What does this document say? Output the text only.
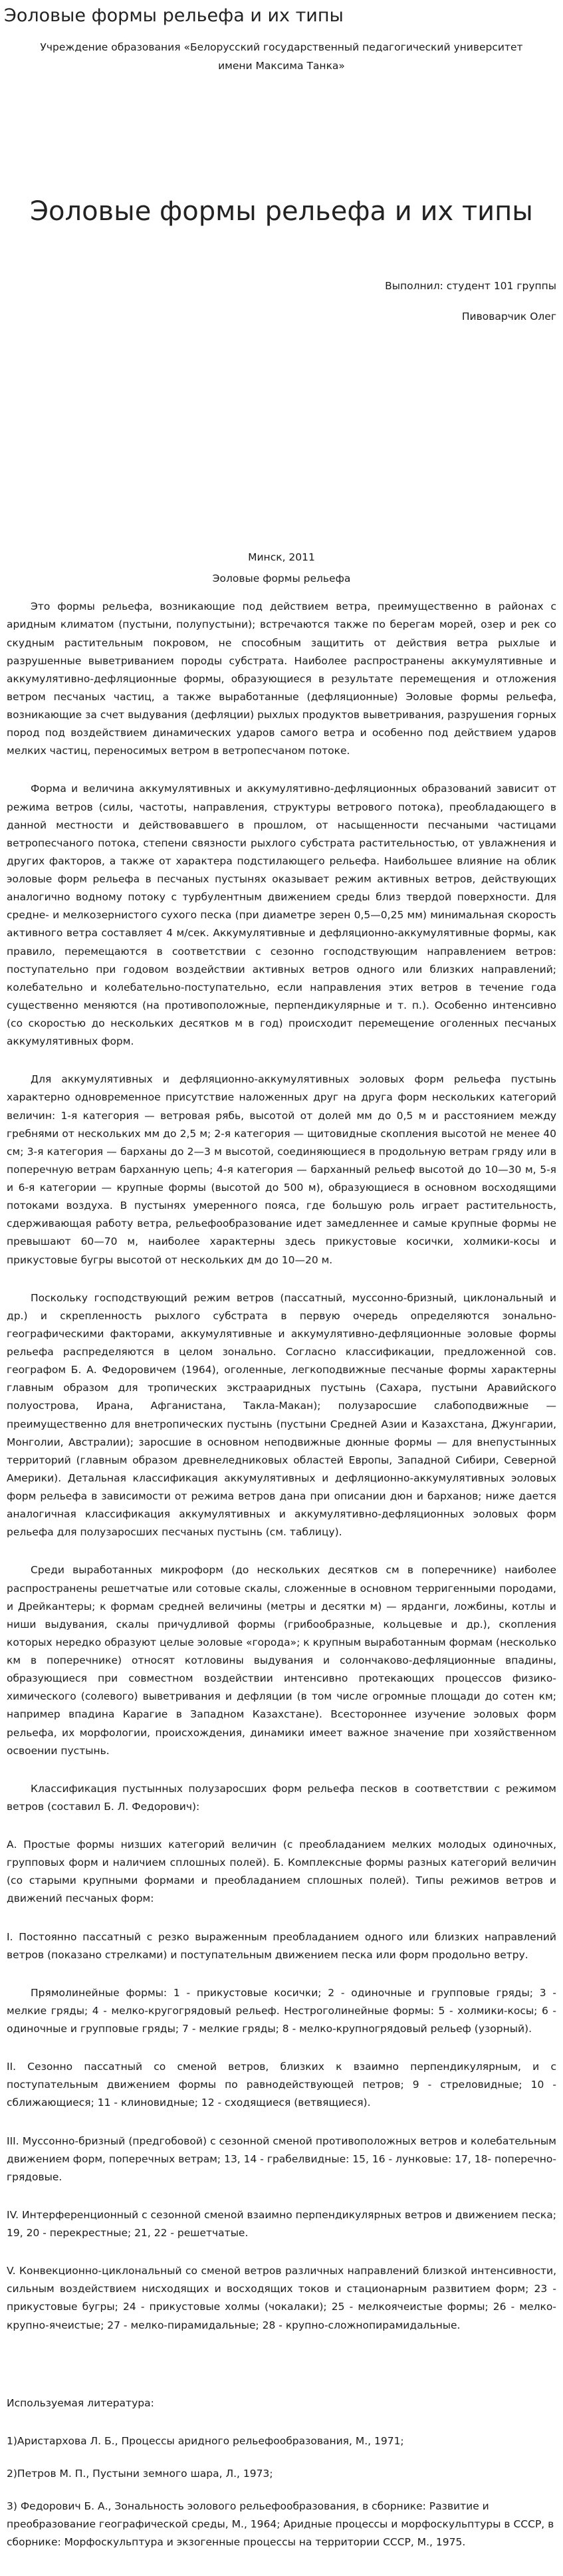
Эоловые формы рельефа и их типы
Учреждение образования «Белорусский государственный педагогический университет имени Максима Танка»
Эоловые формы рельефа и их типы
Выполнил: студент 101 группы
Пивоварчик Олег
Минск, 2011
Эоловые формы рельефа

Это формы рельефа, возникающие под действием ветра, преимущественно в районах с аридным климатом (пустыни, полупустыни); встречаются также по берегам морей, озер и рек со скудным растительным покровом, не способным защитить от действия ветра рыхлые и разрушенные выветриванием породы субстрата. Наиболее распространены аккумулятивные и аккумулятивно-дефляционные формы, образующиеся в результате перемещения и отложения ветром песчаных частиц, а также выработанные (дефляционные) Эоловые формы рельефа, возникающие за счет выдувания (дефляции) рыхлых продуктов выветривания, разрушения горных пород под воздействием динамических ударов самого ветра и особенно под действием ударов мелких частиц, переносимых ветром в ветропесчаном потоке.

Форма и величина аккумулятивных и аккумулятивно-дефляционных образований зависит от режима ветров (силы, частоты, направления, структуры ветрового потока), преобладающего в данной местности и действовавшего в прошлом, от насыщенности песчаными частицами ветропесчаного потока, степени связности рыхлого субстрата растительностью, от увлажнения и других факторов, а также от характера подстилающего рельефа. Наибольшее влияние на облик эоловые форм рельефа в песчаных пустынях оказывает режим активных ветров, действующих аналогично водному потоку с турбулентным движением среды близ твердой поверхности. Для средне- и мелкозернистого сухого песка (при диаметре зерен 0,5—0,25 мм) минимальная скорость активного ветра составляет 4 м/сек. Аккумулятивные и дефляционно-аккумулятивные формы, как правило, перемещаются в соответствии с сезонно господствующим направлением ветров: поступательно при годовом воздействии активных ветров одного или близких направлений; колебательно и колебательно-поступательно, если направления этих ветров в течение года существенно меняются (на противоположные, перпендикулярные и т. п.). Особенно интенсивно (со скоростью до нескольких десятков м в год) происходит перемещение оголенных песчаных аккумулятивных форм.

Для аккумулятивных и дефляционно-аккумулятивных эоловых форм рельефа пустынь характерно одновременное присутствие наложенных друг на друга форм нескольких категорий величин: 1-я категория — ветровая рябь, высотой от долей мм до 0,5 м и расстоянием между гребнями от нескольких мм до 2,5 м; 2-я категория — щитовидные скопления высотой не менее 40 см; 3-я категория — барханы до 2—3 м высотой, соединяющиеся в продольную ветрам гряду или в поперечную ветрам барханную цепь; 4-я категория — барханный рельеф высотой до 10—30 м, 5-я и 6-я категории — крупные формы (высотой до 500 м), образующиеся в основном восходящими потоками воздуха. В пустынях умеренного пояса, где большую роль играет растительность, сдерживающая работу ветра, рельефообразование идет замедленнее и самые крупные формы не превышают 60—70 м, наиболее характерны здесь прикустовые косички, холмики-косы и прикустовые бугры высотой от нескольких дм до 10—20 м.

Поскольку господствующий режим ветров (пассатный, муссонно-бризный, циклональный и др.) и скрепленность рыхлого субстрата в первую очередь определяются зонально-географическими факторами, аккумулятивные и аккумулятивно-дефляционные эоловые формы рельефа распределяются в целом зонально. Согласно классификации, предложенной сов. географом Б. А. Федоровичем (1964), оголенные, легкоподвижные песчаные формы характерны главным образом для тропических экстрааридных пустынь (Сахара, пустыни Аравийского полуострова, Ирана, Афганистана, Такла-Макан); полузаросшие слабоподвижные — преимущественно для внетропических пустынь (пустыни Средней Азии и Казахстана, Джунгарии, Монголии, Австралии); заросшие в основном неподвижные дюнные формы — для внепустынных территорий (главным образом древнеледниковых областей Европы, Западной Сибири, Северной Америки). Детальная классификация аккумулятивных и дефляционно-аккумулятивных эоловых форм рельефа в зависимости от режима ветров дана при описании дюн и барханов; ниже дается аналогичная классификация аккумулятивных и аккумулятивно-дефляционных эоловых форм рельефа для полузаросших песчаных пустынь (см. таблицу).

Среди выработанных микроформ (до нескольких десятков см в поперечнике) наиболее распространены решетчатые или сотовые скалы, сложенные в основном терригенными породами, и Дрейкантеры; к формам средней величины (метры и десятки м) — ярданги, ложбины, котлы и ниши выдувания, скалы причудливой формы (грибообразные, кольцевые и др.), скопления которых нередко образуют целые эоловые «города»; к крупным выработанным формам (несколько км в поперечнике) относят котловины выдувания и солончаково-дефляционные впадины, образующиеся при совместном воздействии интенсивно протекающих процессов физико-химического (солевого) выветривания и дефляции (в том числе огромные площади до сотен км; например впадина Карагие в Западном Казахстане). Всестороннее изучение эоловых форм рельефа, их морфологии, происхождения, динамики имеет важное значение при хозяйственном освоении пустынь.

Классификация пустынных полузаросших форм рельефа песков в соответствии с режимом ветров (составил Б. Л. Федорович):

А. Простые формы низших категорий величин (с преобладанием мелких молодых одиночных, групповых форм и наличием сплошных полей). Б. Комплексные формы разных категорий величин (со старыми крупными формами и преобладанием сплошных полей). Типы режимов ветров и движений песчаных форм:

I. Постоянно пассатный с резко выраженным преобладанием одного или близких направлений ветров (показано стрелками) и поступательным движением песка или форм продольно ветру.

Прямолинейные формы: 1 - прикустовые косички; 2 - одиночные и групповые гряды; 3 - мелкие гряды; 4 - мелко-кругогрядовый рельеф. Нестроголинейные формы: 5 - холмики-косы; 6 - одиночные и групповые гряды; 7 - мелкие гряды; 8 - мелко-крупногрядовый рельеф (узорный).

II. Сезонно пассатный со сменой ветров, близких к взаимно перпендикулярным, и с поступательным движением формы по равнодействующей петров; 9 - стреловидные; 10 - сближающиеся; 11 - клиновидные; 12 - сходящиеся (ветвящиеся).

III. Муссонно-бризный (предгобовой) с сезонной сменой противоположных ветров и колебательным движением форм, поперечных ветрам; 13, 14 - грабелвидные: 15, 16 - лунковые: 17, 18- поперечно-грядовые.

IV. Интерференционный с сезонной сменой взаимно перпендикулярных ветров и движением песка; 19, 20 - перекрестные; 21, 22 - решетчатые.

V. Конвекционно-циклональный со сменой ветров различных направлений близкой интенсивности, сильным воздействием нисходящих и восходящих токов и стационарным развитием форм; 23 - прикустовые бугры; 24 - прикустовые холмы (чокалаки); 25 - мелкоячеистые формы; 26 - мелко-крупно-ячеистые; 27 - мелко-пирамидальные; 28 - крупно-сложнопирамидальные.

Используемая литература:

1)Аристархова Л. Б., Процессы аридного рельефообразования, М., 1971;

2)Петров М. П., Пустыни земного шара, Л., 1973;

3) Федорович Б. А., Зональность эолового рельефообразования, в сборнике: Развитие и преобразование географической среды, М., 1964; Аридные процессы и морфоскульптуры в СССР, в сборнике: Морфоскульптура и экзогенные процессы на территории СССР, М., 1975.
